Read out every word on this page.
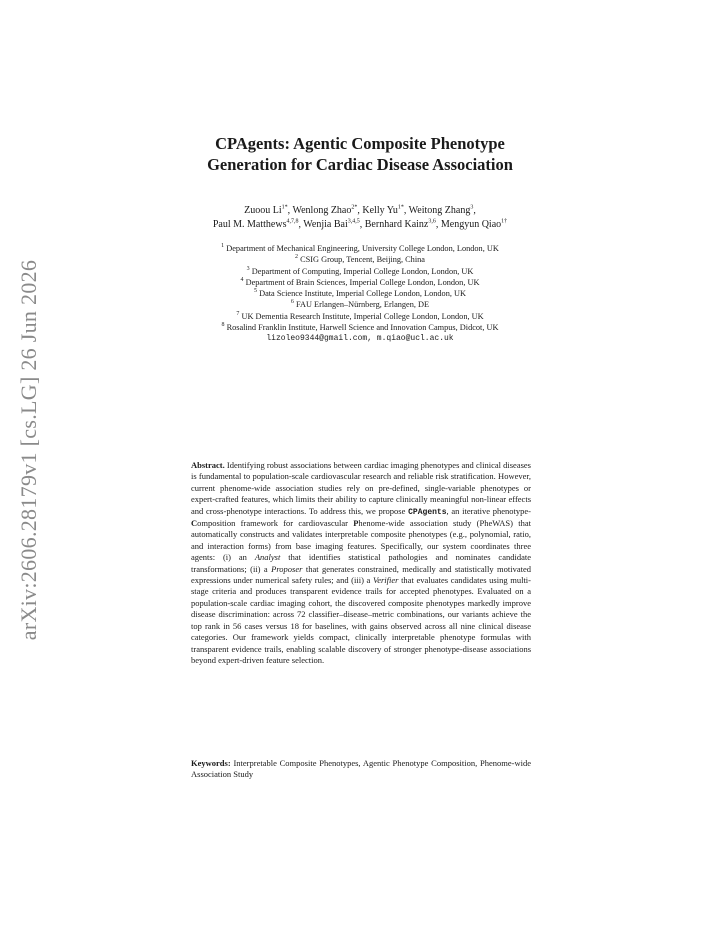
arXiv:2606.28179v1 [cs.LG] 26 Jun 2026
CPAgents: Agentic Composite Phenotype
Generation for Cardiac Disease Association
Zuoou $Li^{1*}$, Wenlong Zhao$^{2*}$, Kelly $Yu^{1*}$, Weitong Zhang$^3$,
Paul M. Matthews$^{4,7,8}$, Wenjia Bai$^{3,4,5}$, Bernhard Kainz$^{3,6}$, Mengyun Qiao$^{1\dagger}$
$^1$ Department of Mechanical Engineering, University College London, London, UK
$^2$ CSIG Group, Tencent, Beijing, China
$^3$ Department of Computing, Imperial College London, London, UK
$^4$ Department of Brain Sciences, Imperial College London, London, UK
$^5$ Data Science Institute, Imperial College London, London, UK
$^6$ FAU Erlangen–Nürnberg, Erlangen, DE
$^7$ UK Dementia Research Institute, Imperial College London, London, UK
$^8$ Rosalind Franklin Institute, Harwell Science and Innovation Campus, Didcot, UK
lizoleo9344@gmail.com, m.qiao@ucl.ac.uk
Abstract. Identifying robust associations between cardiac imaging phenotypes and clinical diseases is fundamental to population-scale cardiovascular research and reliable risk stratification. However, current phenome-wide association studies rely on pre-defined, single-variable phenotypes or expert-crafted features, which limits their ability to capture clinically meaningful non-linear effects and cross-phenotype interactions. To address this, we propose CPAgents, an iterative phenotype-Composition framework for cardiovascular Phenome-wide association study (PheWAS) that automatically constructs and validates interpretable composite phenotypes (e.g., polynomial, ratio, and interaction forms) from base imaging features. Specifically, our system coordinates three agents: (i) an Analyst that identifies statistical pathologies and nominates candidate transformations; (ii) a Proposer that generates constrained, medically and statistically motivated expressions under numerical safety rules; and (iii) a Verifier that evaluates candidates using multi-stage criteria and produces transparent evidence trails for accepted phenotypes. Evaluated on a population-scale cardiac imaging cohort, the discovered composite phenotypes markedly improve disease discrimination: across 72 classifier–disease–metric combinations, our variants achieve the top rank in 56 cases versus 18 for baselines, with gains observed across all nine clinical disease categories. Our framework yields compact, clinically interpretable phenotype formulas with transparent evidence trails, enabling scalable discovery of stronger phenotype-disease associations beyond expert-driven feature selection.
Keywords: Interpretable Composite Phenotypes, Agentic Phenotype Composition, Phenome-wide Association Study
